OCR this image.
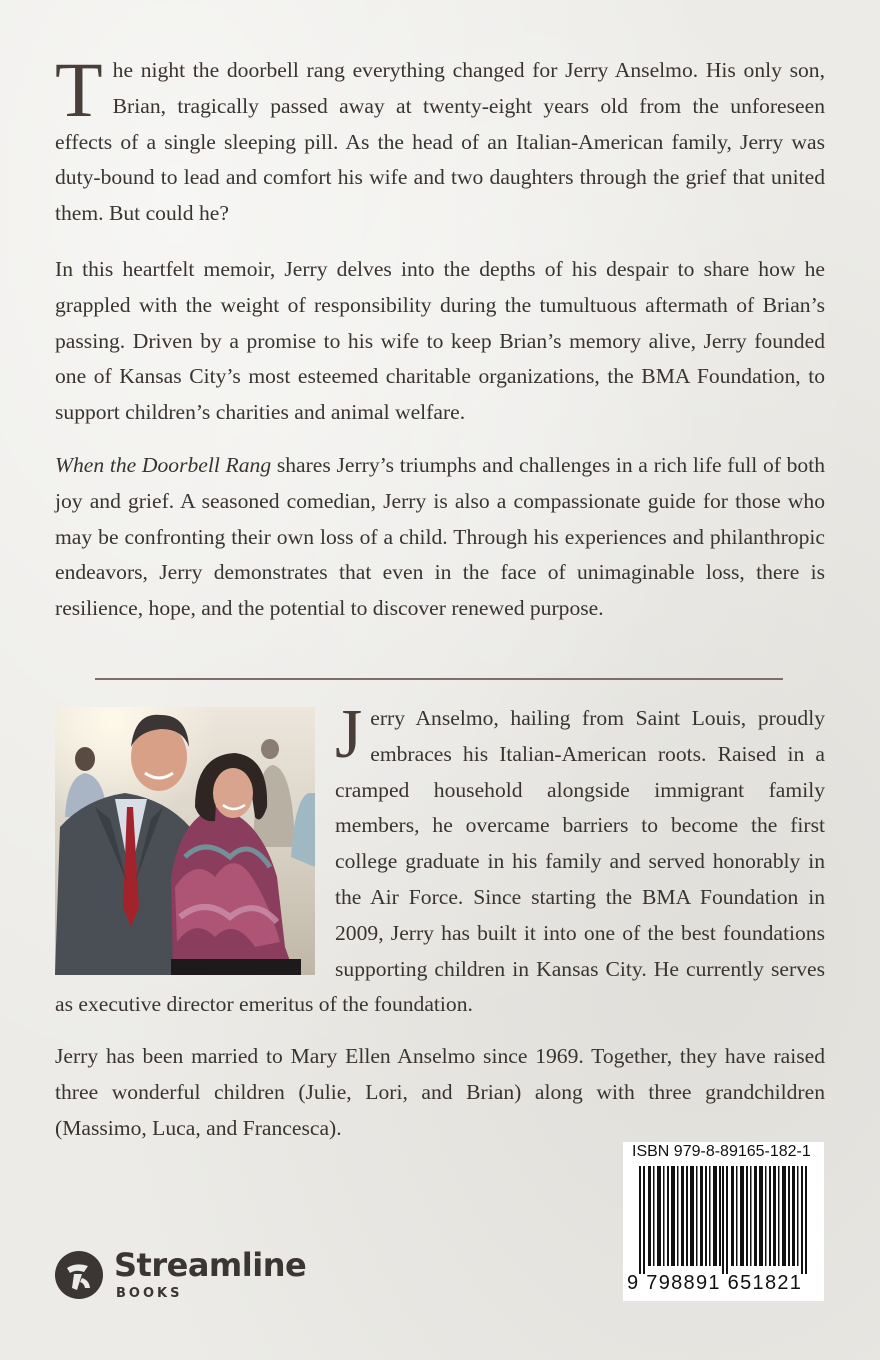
The night the doorbell rang everything changed for Jerry Anselmo. His only son, Brian, tragically passed away at twenty-eight years old from the unforeseen effects of a single sleeping pill. As the head of an Italian-American family, Jerry was duty-bound to lead and comfort his wife and two daughters through the grief that united them. But could he?

In this heartfelt memoir, Jerry delves into the depths of his despair to share how he grappled with the weight of responsibility during the tumultuous aftermath of Brian’s passing. Driven by a promise to his wife to keep Brian’s memory alive, Jerry founded one of Kansas City’s most esteemed charitable organizations, the BMA Foundation, to support children’s charities and animal welfare.

When the Doorbell Rang shares Jerry’s triumphs and challenges in a rich life full of both joy and grief. A seasoned comedian, Jerry is also a compassionate guide for those who may be confronting their own loss of a child. Through his experiences and philanthropic endeavors, Jerry demonstrates that even in the face of unimaginable loss, there is resilience, hope, and the potential to discover renewed purpose.

Jerry Anselmo, hailing from Saint Louis, proudly embraces his Italian-American roots. Raised in a cramped household alongside immigrant family members, he overcame barriers to become the first college graduate in his family and served honorably in the Air Force. Since starting the BMA Foundation in 2009, Jerry has built it into one of the best foundations supporting children in Kansas City. He currently serves as executive director emeritus of the foundation.

Jerry has been married to Mary Ellen Anselmo since 1969. Together, they have raised three wonderful children (Julie, Lori, and Brian) along with three grandchildren (Massimo, Luca, and Francesca).

ISBN 979-8-89165-182-1
9 798891 651821
Streamline
BOOKS
